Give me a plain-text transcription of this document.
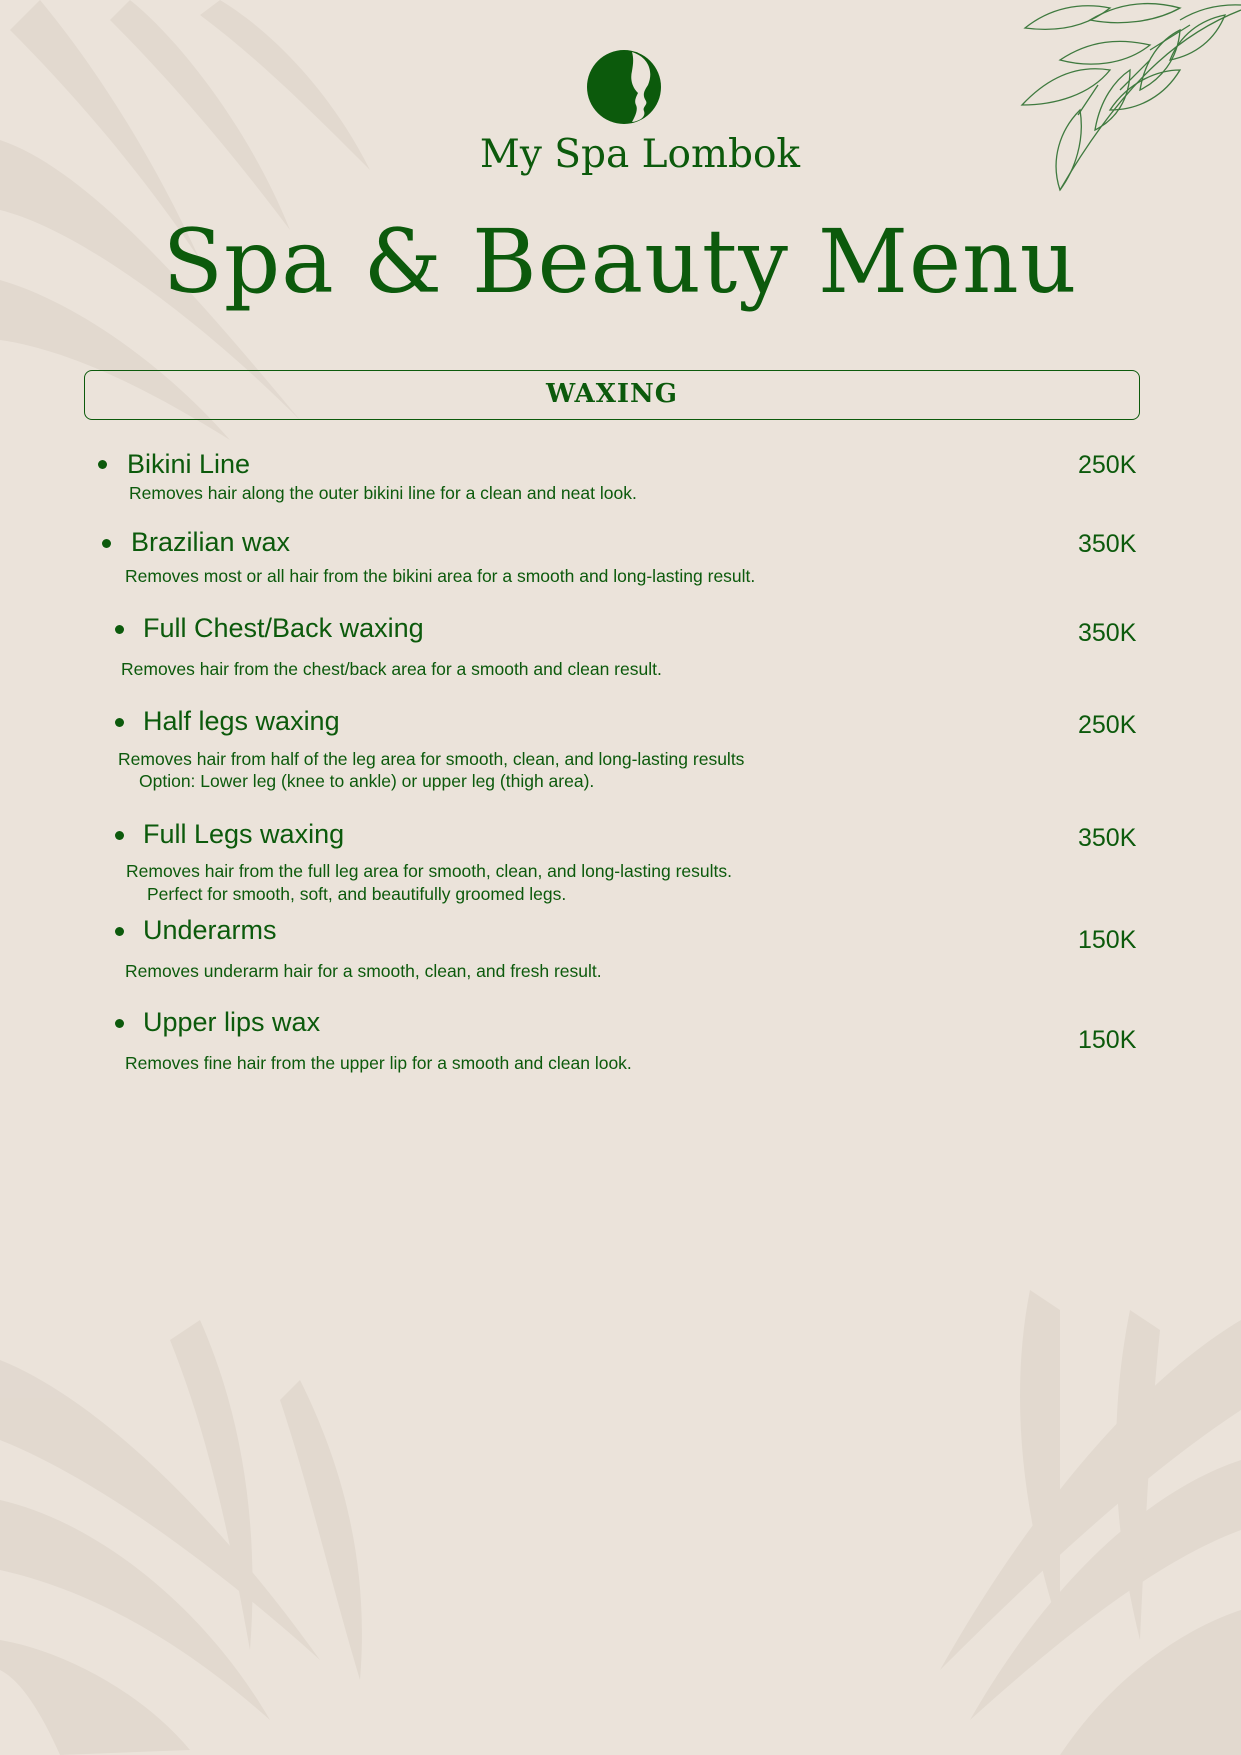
My Spa Lombok
Spa & Beauty Menu
WAXING
Bikini Line
Removes hair along the outer bikini line for a clean and neat look.
250K
Brazilian wax
Removes most or all hair from the bikini area for a smooth and long-lasting result.
350K
Full Chest/Back waxing
Removes hair from the chest/back area for a smooth and clean result.
350K
Half legs waxing
Removes hair from half of the leg area for smooth, clean, and long-lasting results
Option: Lower leg (knee to ankle) or upper leg (thigh area).
250K
Full Legs waxing
Removes hair from the full leg area for smooth, clean, and long-lasting results.
Perfect for smooth, soft, and beautifully groomed legs.
350K
Underarms
Removes underarm hair for a smooth, clean, and fresh result.
150K
Upper lips wax
Removes fine hair from the upper lip for a smooth and clean look.
150K
